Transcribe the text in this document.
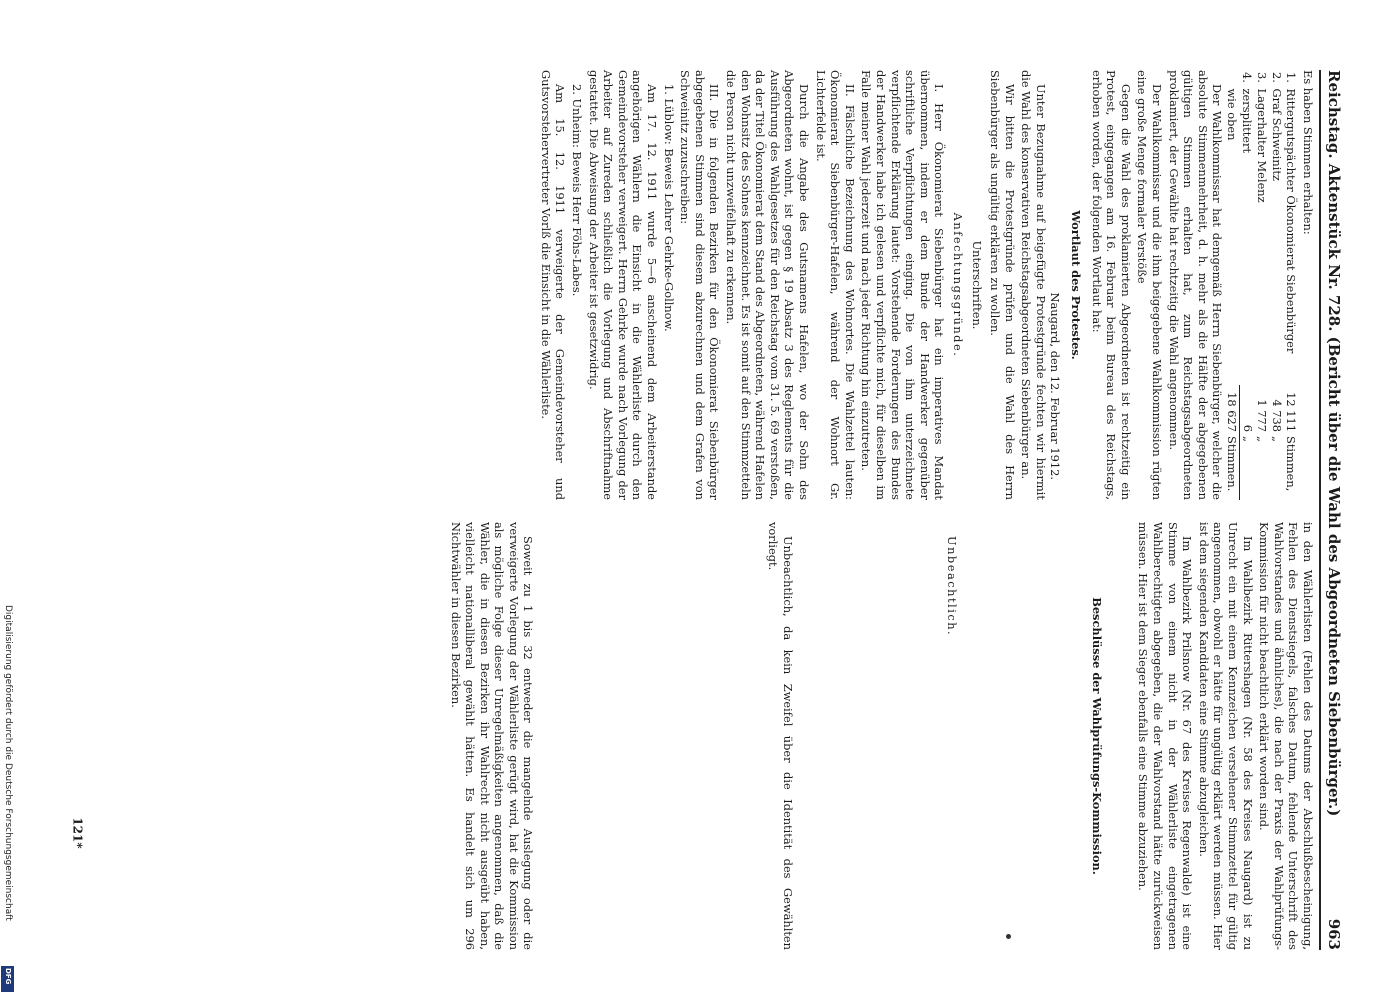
Reichstag. Aktenstück Nr. 728. (Bericht über die Wahl des Abgeordneten Siebenbürger.)
963

Es haben Stimmen erhalten:

1.	Rittergutspächter Ökonomierat Siebenbürger	12 111	Stimmen,
2.	Graf Schweinitz	4 738	„
3.	Lagerhalter Melenz	1 777	„
4.	zersplittert	6	„
	wie oben	18 627	Stimmen.

Der Wahlkommissar hat demgemäß Herrn Siebenbürger, welcher die absolute Stimmenmehrheit, d. h. mehr als die Hälfte der abgegebenen gültigen Stimmen erhalten hat, zum Reichstagsabgeordneten proklamiert, der Gewählte hat rechtzeitig die Wahl angenommen.

Der Wahlkommissar und die ihm beigegebene Wahlkommission rügten eine große Menge formaler Verstöße

Gegen die Wahl des proklamierten Abgeordneten ist rechtzeitig ein Protest, eingegangen am 16. Februar beim Bureau des Reichstags, erhoben worden, der folgenden Wortlaut hat:

Wortlaut des Protestes.
Naugard, den 12. Februar 1912.

Unter Bezugnahme auf beigefügte Protestgründe fechten wir hiermit die Wahl des konservativen Reichstagsabgeordneten Siebenbürger an.

Wir bitten die Protestgründe prüfen und die Wahl des Herrn Siebenbürger als ungültig erklären zu wollen.

Unterschriften.
Anfechtungsgründe.

I. Herr Ökonomierat Siebenbürger hat ein imperatives Mandat übernommen, indem er dem Bunde der Handwerker gegenüber schriftliche Verpflichtungen einging. Die von ihm unterzeichnete verpflichtende Erklärung lautet: Vorstehende Forderungen des Bundes der Handwerker habe ich gelesen und verpflichte mich, für dieselben im Falle meiner Wahl jederzeit und nach jeder Richtung hin einzutreten.

II. Fälschliche Bezeichnung des Wohnortes. Die Wahlzettel lauten: Ökonomierat Siebenbürger-Hafelen, während der Wohnort Gr. Lichterfelde ist.

Durch die Angabe des Gutsnamens Hafelen, wo der Sohn des Abgeordneten wohnt, ist gegen § 19 Absatz 3 des Reglements für die Ausführung des Wahlgesetzes für den Reichstag vom 31. 5. 69 verstoßen, da der Titel Ökonomierat dem Stand des Abgeordneten, während Hafelen den Wohnsitz des Sohnes kennzeichnet. Es ist somit auf den Stimmzetteln die Person nicht unzweifelhaft zu erkennen.

III. Die in folgenden Bezirken für den Ökonomierat Siebenbürger abgegebenen Stimmen sind diesem abzurechnen und dem Grafen von Schweinitz zuzuschreiben:

1. Lüblow: Beweis Lehrer Gehrke-Gollnow.

Am 17. 12. 1911 wurde 5—6 anscheinend dem Arbeiterstande angehörigen Wählern die Einsicht in die Wählerliste durch den Gemeindevorsteher verweigert. Herrn Gehrke wurde nach Vorlegung der Arbeiter auf Zureden schließlich die Vorlegung und Abschriftnahme gestattet. Die Abweisung der Arbeiter ist gesetzwidrig.

2. Unheim: Beweis Herr Föhs-Labes.

Am 15. 12. 1911 verweigerte der Gemeindevorsteher und Gutsvorstehervertreter Vorlß die Einsicht in die Wählerliste.

in den Wählerlisten (Fehlen des Datums der Abschlußbescheinigung, Fehlen des Dienstsiegels, falsches Datum, fehlende Unterschrift des Wahlvorstandes und ähnliches), die nach der Praxis der Wahlprüfungs-Kommission für nicht beachtlich erklärt worden sind.

Im Wahlbezirk Rittershagen (Nr. 58 des Kreises Naugard) ist zu Unrecht ein mit einem Kennzeichen versehener Stimmzettel für gültig angenommen, obwohl er hätte für ungültig erklärt werden müssen. Hier ist dem siegenden Kandidaten eine Stimme abzugleichen.

Im Wahlbezirk Prilsnow (Nr. 67 des Kreises Regenwalde) ist eine Stimme von einem nicht in der Wählerliste eingetragenen Wahlberechtigten abgegeben, die der Wahlvorstand hätte zurückweisen müssen. Hier ist dem Sieger ebenfalls eine Stimme abzuziehen.

Beschlüsse der Wahlprüfungs-Kommission.
Unbeachtlich.

Unbeachtlich, da kein Zweifel über die Identität des Gewählten vorliegt.

Soweit zu 1 bis 32 entweder die mangelnde Auslegung oder die verweigerte Vorlegung der Wählerliste gerügt wird, hat die Kommission als mögliche Folge dieser Unregelmäßigkeiten angenommen, daß die Wähler, die in diesen Bezirken ihr Wahlrecht nicht ausgeübt haben, vielleicht nationalliberal gewählt hätten. Es handelt sich um 296 Nichtwähler in diesen Bezirken.

121*
Digitalisierung gefördert durch die Deutsche Forschungsgemeinschaft
DFG
